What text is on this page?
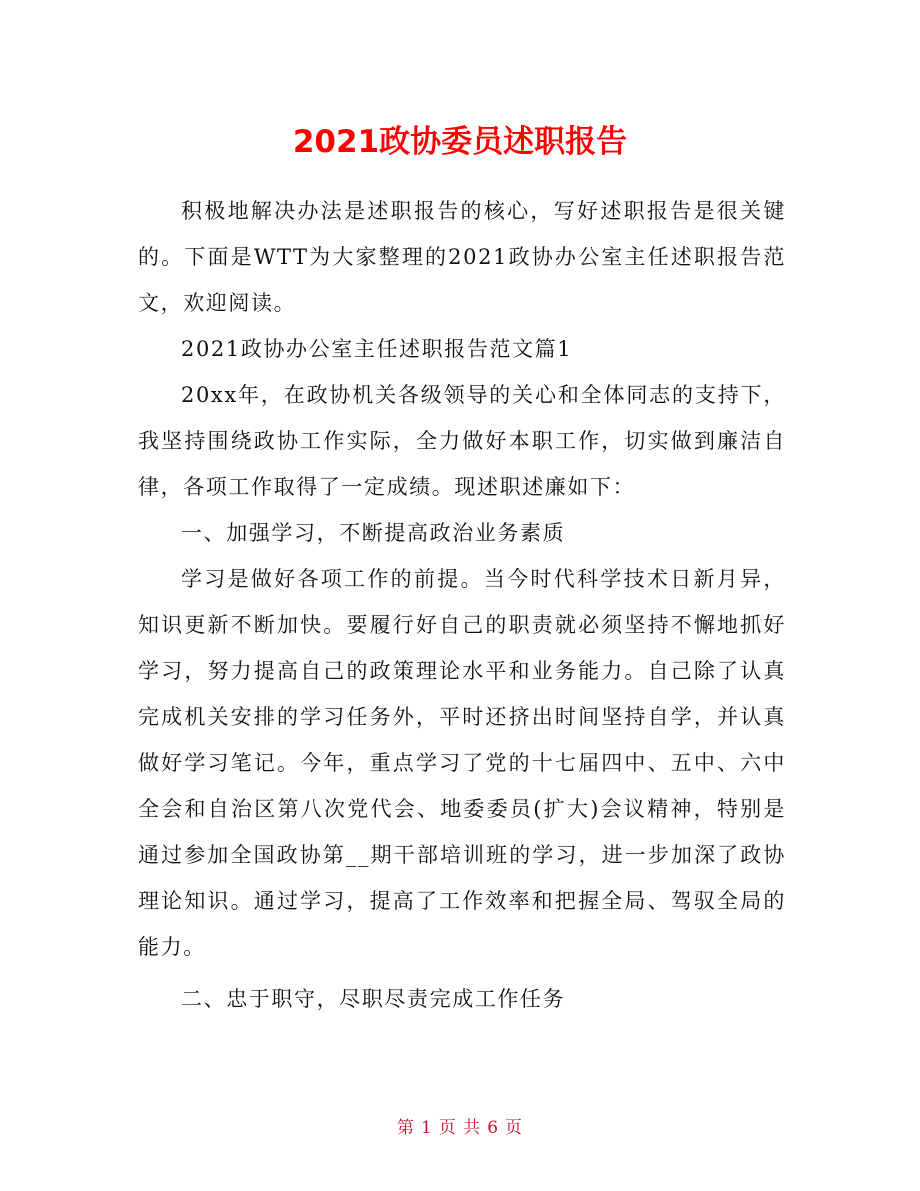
2021政协委员述职报告

积极地解决办法是述职报告的核心，写好述职报告是很关键的。下面是WTT为大家整理的2021政协办公室主任述职报告范文，欢迎阅读。

2021政协办公室主任述职报告范文篇1

20xx年，在政协机关各级领导的关心和全体同志的支持下，我坚持围绕政协工作实际，全力做好本职工作，切实做到廉洁自律，各项工作取得了一定成绩。现述职述廉如下：

一、加强学习，不断提高政治业务素质

学习是做好各项工作的前提。当今时代科学技术日新月异，知识更新不断加快。要履行好自己的职责就必须坚持不懈地抓好学习，努力提高自己的政策理论水平和业务能力。自己除了认真完成机关安排的学习任务外，平时还挤出时间坚持自学，并认真做好学习笔记。今年，重点学习了党的十七届四中、五中、六中全会和自治区第八次党代会、地委委员(扩大)会议精神，特别是通过参加全国政协第__期干部培训班的学习，进一步加深了政协理论知识。通过学习，提高了工作效率和把握全局、驾驭全局的能力。

二、忠于职守，尽职尽责完成工作任务

第 1 页 共 6 页
